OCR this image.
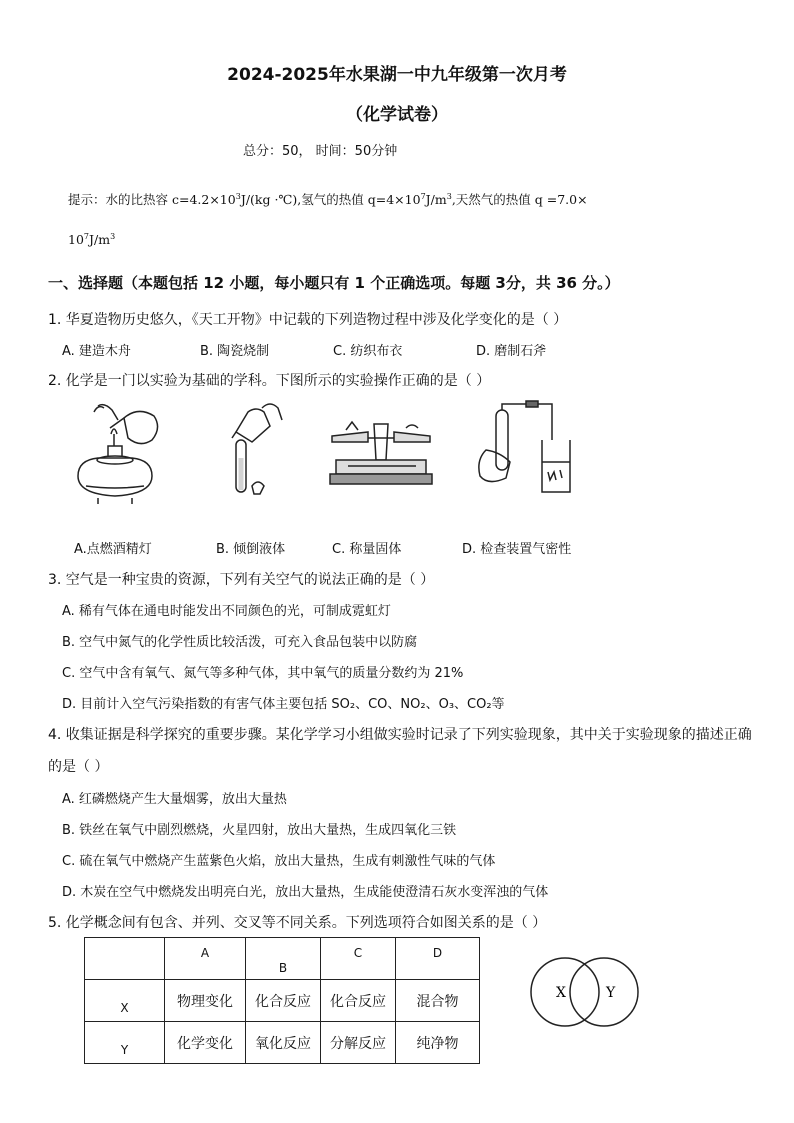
2024-2025年水果湖一中九年级第一次月考
（化学试卷）
总分：50， 时间：50分钟
提示：水的比热容 $c=4.2\times 10^3J/(kg$ ·℃),氢气的热值 $q=4\times 10^7J/m^3$,天然气的热值 q =7.0×
$10^7J/m^3$
一、选择题（本题包括 12 小题，每小题只有 1 个正确选项。每题 3分，共 36 分。）
1. 华夏造物历史悠久，《天工开物》中记载的下列造物过程中涉及化学变化的是（ ）
A. 建造木舟	B. 陶瓷烧制	C. 纺织布衣	D. 磨制石斧
2. 化学是一门以实验为基础的学科。下图所示的实验操作正确的是（ ）
A.点燃酒精灯	B. 倾倒液体	C. 称量固体	D. 检查装置气密性
3. 空气是一种宝贵的资源，下列有关空气的说法正确的是（ ）
A. 稀有气体在通电时能发出不同颜色的光，可制成霓虹灯
B. 空气中氮气的化学性质比较活泼，可充入食品包装中以防腐
C. 空气中含有氧气、氮气等多种气体，其中氧气的质量分数约为 21%
D. 目前计入空气污染指数的有害气体主要包括 SO₂、CO、NO₂、O₃、CO₂等
4. 收集证据是科学探究的重要步骤。某化学学习小组做实验时记录了下列实验现象，其中关于实验现象的描述正确
的是（ ）
A. 红磷燃烧产生大量烟雾，放出大量热
B. 铁丝在氧气中剧烈燃烧，火星四射，放出大量热，生成四氧化三铁
C. 硫在氧气中燃烧产生蓝紫色火焰，放出大量热，生成有刺激性气味的气体
D. 木炭在空气中燃烧发出明亮白光，放出大量热，生成能使澄清石灰水变浑浊的气体
5. 化学概念间有包含、并列、交叉等不同关系。下列选项符合如图关系的是（ ）
	A	B	C	D
X	物理变化	化合反应	化合反应	混合物
Y	化学变化	氧化反应	分解反应	纯净物
X	Y
